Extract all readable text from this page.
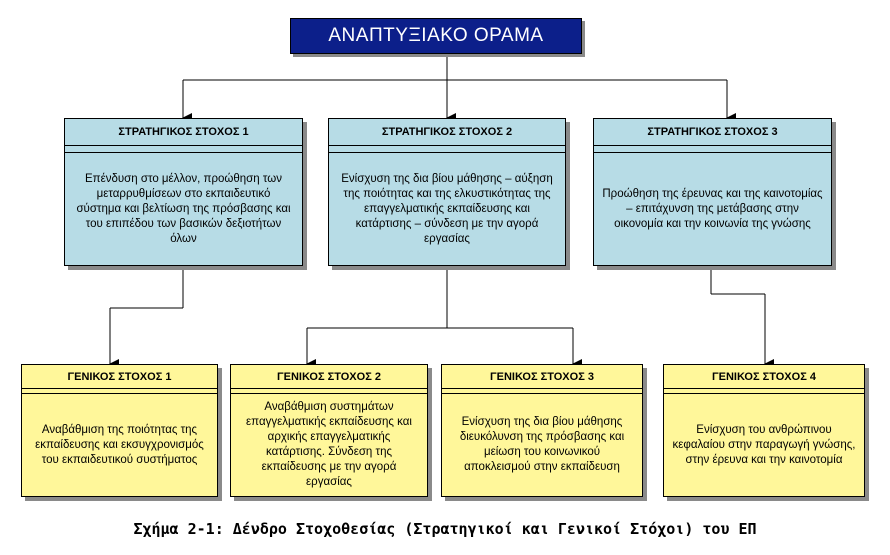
ΑΝΑΠΤΥΞΙΑΚΟ ΟΡΑΜΑ
ΣΤΡΑΤΗΓΙΚΟΣ ΣΤΟΧΟΣ 1
Επένδυση στο μέλλον, προώθηση των μεταρρυθμίσεων στο εκπαιδευτικό σύστημα και βελτίωση της πρόσβασης και του επιπέδου των βασικών δεξιοτήτων όλων
ΣΤΡΑΤΗΓΙΚΟΣ ΣΤΟΧΟΣ 2
Ενίσχυση της δια βίου μάθησης – αύξηση της ποιότητας και της ελκυστικότητας της επαγγελματικής εκπαίδευσης και κατάρτισης – σύνδεση με την αγορά εργασίας
ΣΤΡΑΤΗΓΙΚΟΣ ΣΤΟΧΟΣ 3
Προώθηση της έρευνας και της καινοτομίας – επιτάχυνση της μετάβασης στην οικονομία και την κοινωνία της γνώσης
ΓΕΝΙΚΟΣ ΣΤΟΧΟΣ 1
Αναβάθμιση της ποιότητας της εκπαίδευσης και εκσυγχρονισμός του εκπαιδευτικού συστήματος
ΓΕΝΙΚΟΣ ΣΤΟΧΟΣ 2
Αναβάθμιση συστημάτων επαγγελματικής εκπαίδευσης και αρχικής επαγγελματικής κατάρτισης. Σύνδεση της εκπαίδευσης με την αγορά εργασίας
ΓΕΝΙΚΟΣ ΣΤΟΧΟΣ 3
Ενίσχυση της δια βίου μάθησης διευκόλυνση της πρόσβασης και μείωση του κοινωνικού αποκλεισμού στην εκπαίδευση
ΓΕΝΙΚΟΣ ΣΤΟΧΟΣ 4
Ενίσχυση του ανθρώπινου κεφαλαίου στην παραγωγή γνώσης, στην έρευνα και την καινοτομία
Σχήμα 2-1: Δένδρο Στοχοθεσίας (Στρατηγικοί και Γενικοί Στόχοι) του ΕΠ
